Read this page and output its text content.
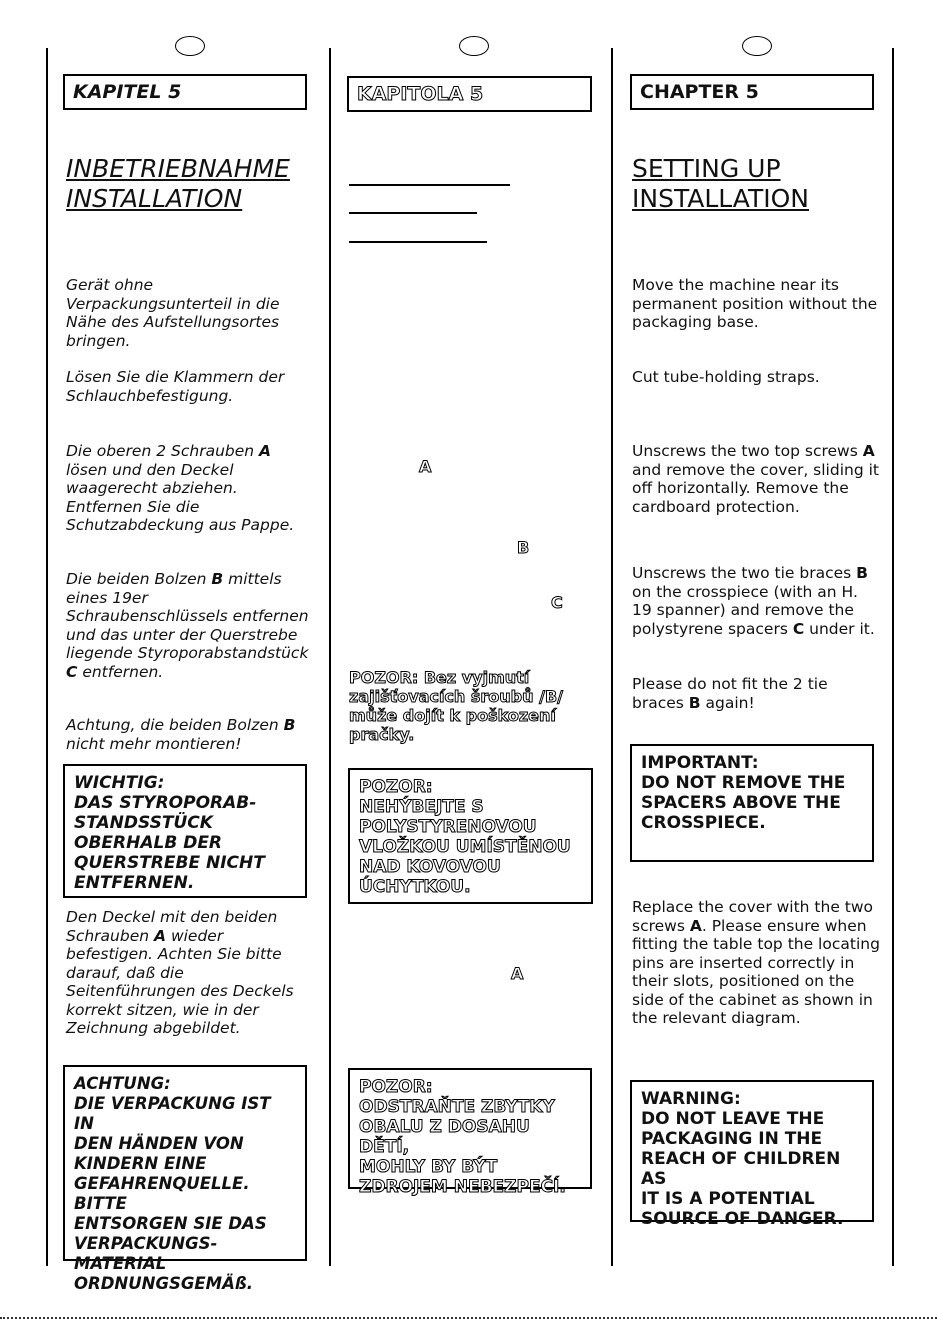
KAPITEL 5
INBETRIEBNAHME
INSTALLATION
Gerät ohne Verpackungsunterteil in die Nähe des Aufstellungsortes bringen.
Lösen Sie die Klammern der Schlauchbefestigung.
Die oberen 2 Schrauben A lösen und den Deckel waagerecht abziehen. Entfernen Sie die Schutzabdeckung aus Pappe.
Die beiden Bolzen B mittels eines 19er Schraubenschlüssels entfernen und das unter der Querstrebe liegende Styroporabstandstück C entfernen.
Achtung, die beiden Bolzen B nicht mehr montieren!
WICHTIG:
DAS STYROPORAB-
STANDSSTÜCK
OBERHALB DER
QUERSTREBE NICHT
ENTFERNEN.
Den Deckel mit den beiden Schrauben A wieder befestigen. Achten Sie bitte darauf, daß die Seitenführungen des Deckels korrekt sitzen, wie in der Zeichnung abgebildet.
ACHTUNG:
DIE VERPACKUNG IST IN
DEN HÄNDEN VON
KINDERN EINE
GEFAHRENQUELLE. BITTE
ENTSORGEN SIE DAS
VERPACKUNGS-
MATERIAL
ORDNUNGSGEMÄß.
KAPITOLA 5
A
B
C
POZOR: Bez vyjmutí zajišťovacích šroubů /B/ může dojít k poškození pračky.
POZOR:
NEHÝBEJTE S
POLYSTYRENOVOU
VLOŽKOU UMÍSTĚNOU
NAD KOVOVOU
ÚCHYTKOU.
A
POZOR:
ODSTRAŇTE ZBYTKY
OBALU Z DOSAHU DĚTÍ,
MOHLY BY BÝT
ZDROJEM NEBEZPEČÍ.
CHAPTER 5
SETTING UP
INSTALLATION
Move the machine near its permanent position without the packaging base.
Cut tube-holding straps.
Unscrews the two top screws A and remove the cover, sliding it off horizontally. Remove the cardboard protection.
Unscrews the two tie braces B on the crosspiece (with an H. 19 spanner) and remove the polystyrene spacers C under it.
Please do not fit the 2 tie braces B again!
IMPORTANT:
DO NOT REMOVE THE
SPACERS ABOVE THE
CROSSPIECE.
Replace the cover with the two screws A. Please ensure when fitting the table top the locating pins are inserted correctly in their slots, positioned on the side of the cabinet as shown in the relevant diagram.
WARNING:
DO NOT LEAVE THE
PACKAGING IN THE
REACH OF CHILDREN AS
IT IS A POTENTIAL
SOURCE OF DANGER.
